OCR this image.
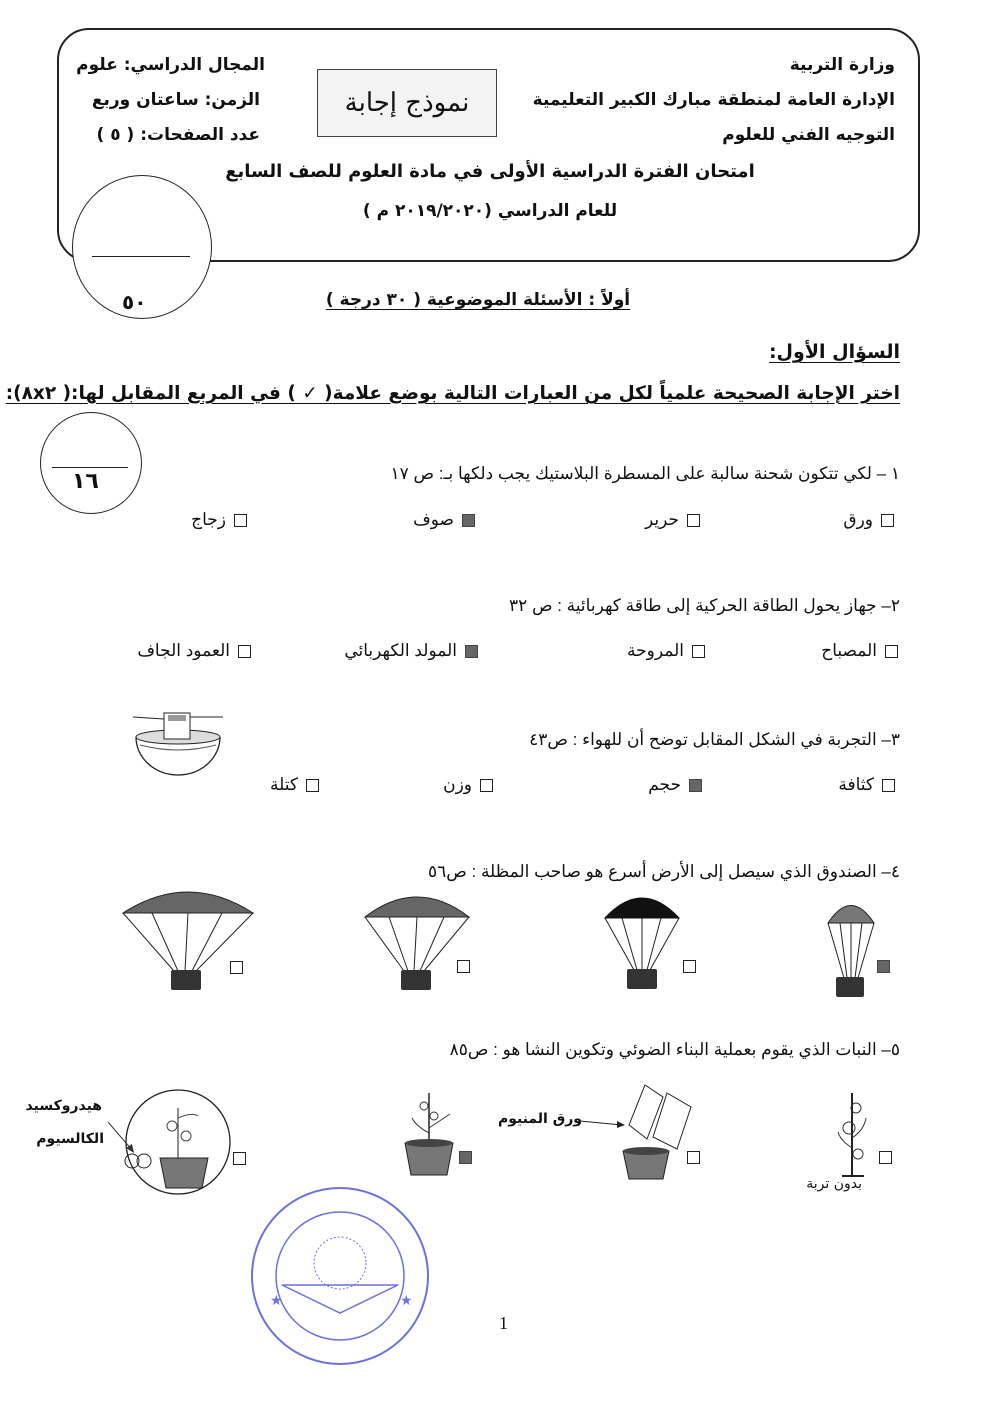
وزارة التربية
الإدارة العامة لمنطقة مبارك الكبير التعليمية
التوجيه الفني للعلوم
المجال الدراسي: علوم
الزمن: ساعتان وربع
عدد الصفحات: ( ٥ )
نموذج إجابة
امتحان الفترة الدراسية الأولى في مادة العلوم للصف السابع
للعام الدراسي (٢٠١٩/٢٠٢٠ م )
٥٠	أولاً : الأسئلة الموضوعية ( ٣٠ درجة )
السؤال الأول:
اختر الإجابة الصحيحة علمياً لكل من العبارات التالية بوضع علامة( ✓ ) في المربع المقابل لها:( ٨x٢):
١٦	١ – لكي تتكون شحنة سالبة على المسطرة البلاستيك يجب دلكها بـ: ص ١٧
ورق
حرير
صوف
زجاج
٢– جهاز يحول الطاقة الحركية إلى طاقة كهربائية : ص ٣٢
المصباح
المروحة
المولد الكهربائي
العمود الجاف
٣– التجربة في الشكل المقابل توضح أن للهواء : ص٤٣
كثافة
حجم
وزن
كتلة
٤– الصندوق الذي سيصل إلى الأرض أسرع هو صاحب المظلة : ص٥٦
٥– النبات الذي يقوم بعملية البناء الضوئي وتكوين النشا هو : ص٨٥
بدون تربة
ورق المنيوم
هيدروكسيد
الكالسيوم
★	★
1
